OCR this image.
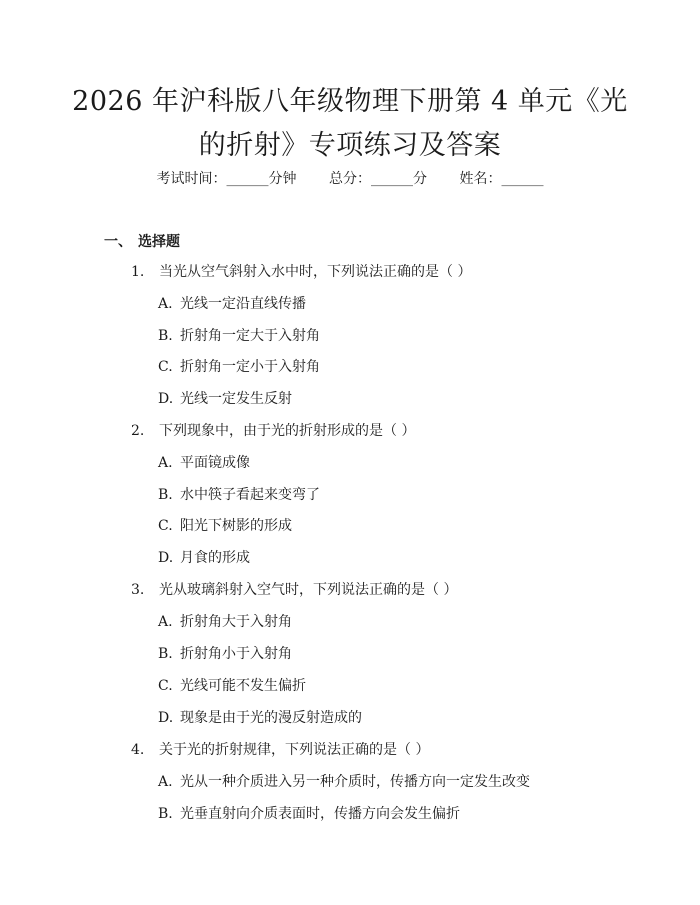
2026 年沪科版八年级物理下册第 4 单元《光
的折射》专项练习及答案
考试时间：______分钟 总分：______分 姓名：______
一、 选择题
1. 当光从空气斜射入水中时，下列说法正确的是（ ）
A. 光线一定沿直线传播
B. 折射角一定大于入射角
C. 折射角一定小于入射角
D. 光线一定发生反射
2. 下列现象中，由于光的折射形成的是（ ）
A. 平面镜成像
B. 水中筷子看起来变弯了
C. 阳光下树影的形成
D. 月食的形成
3. 光从玻璃斜射入空气时，下列说法正确的是（ ）
A. 折射角大于入射角
B. 折射角小于入射角
C. 光线可能不发生偏折
D. 现象是由于光的漫反射造成的
4. 关于光的折射规律，下列说法正确的是（ ）
A. 光从一种介质进入另一种介质时，传播方向一定发生改变
B. 光垂直射向介质表面时，传播方向会发生偏折
